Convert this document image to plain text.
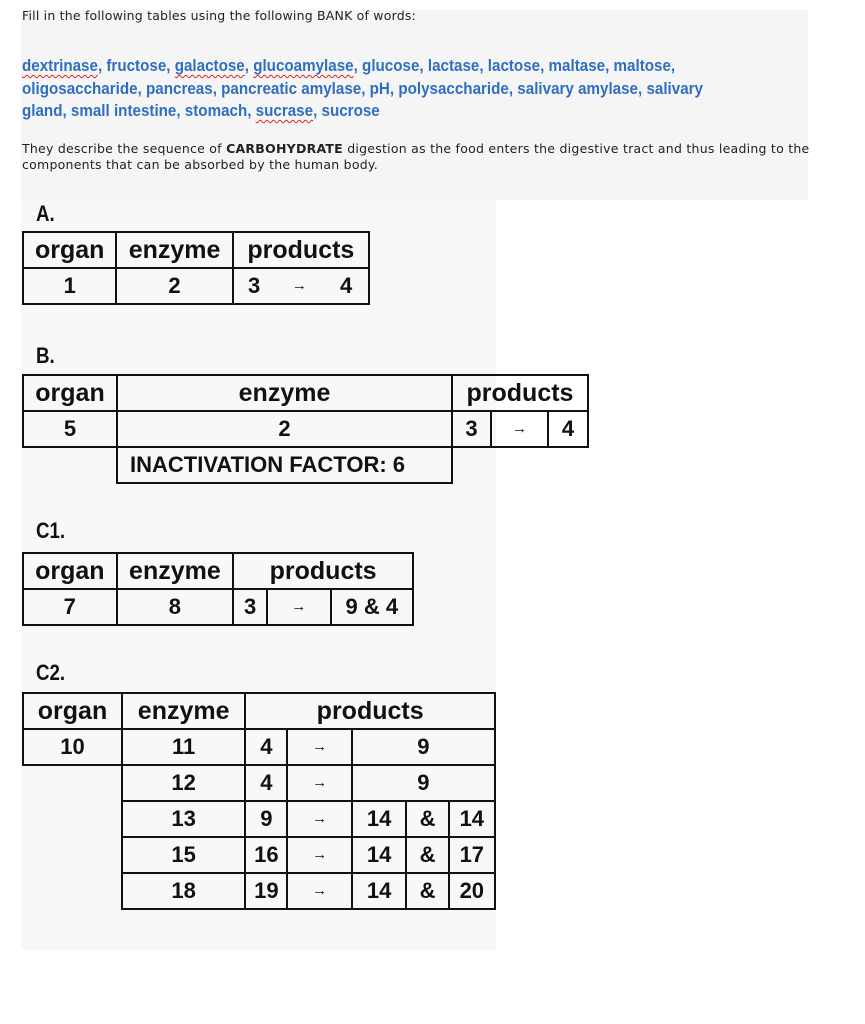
Fill in the following tables using the following BANK of words:
dextrinase, fructose, galactose, glucoamylase, glucose, lactase, lactose, maltase, maltose, oligosaccharide, pancreas, pancreatic amylase, pH, polysaccharide, salivary amylase, salivary gland, small intestine, stomach, sucrase, sucrose
They describe the sequence of CARBOHYDRATE digestion as the food enters the digestive tract and thus leading to the components that can be absorbed by the human body.
A.
organ	enzyme	products		
1	2	3	→	4
B.
organ	enzyme	products		
5	2	3	→	4
	INACTIVATION FACTOR: 6			
C1.
organ	enzyme	products		
7	8	3	→	9 & 4
C2.
organ	enzyme	products				
10	11	4	→	9		
	12	4	→	9		
	13	9	→	14	&	14
	15	16	→	14	&	17
	18	19	→	14	&	20
